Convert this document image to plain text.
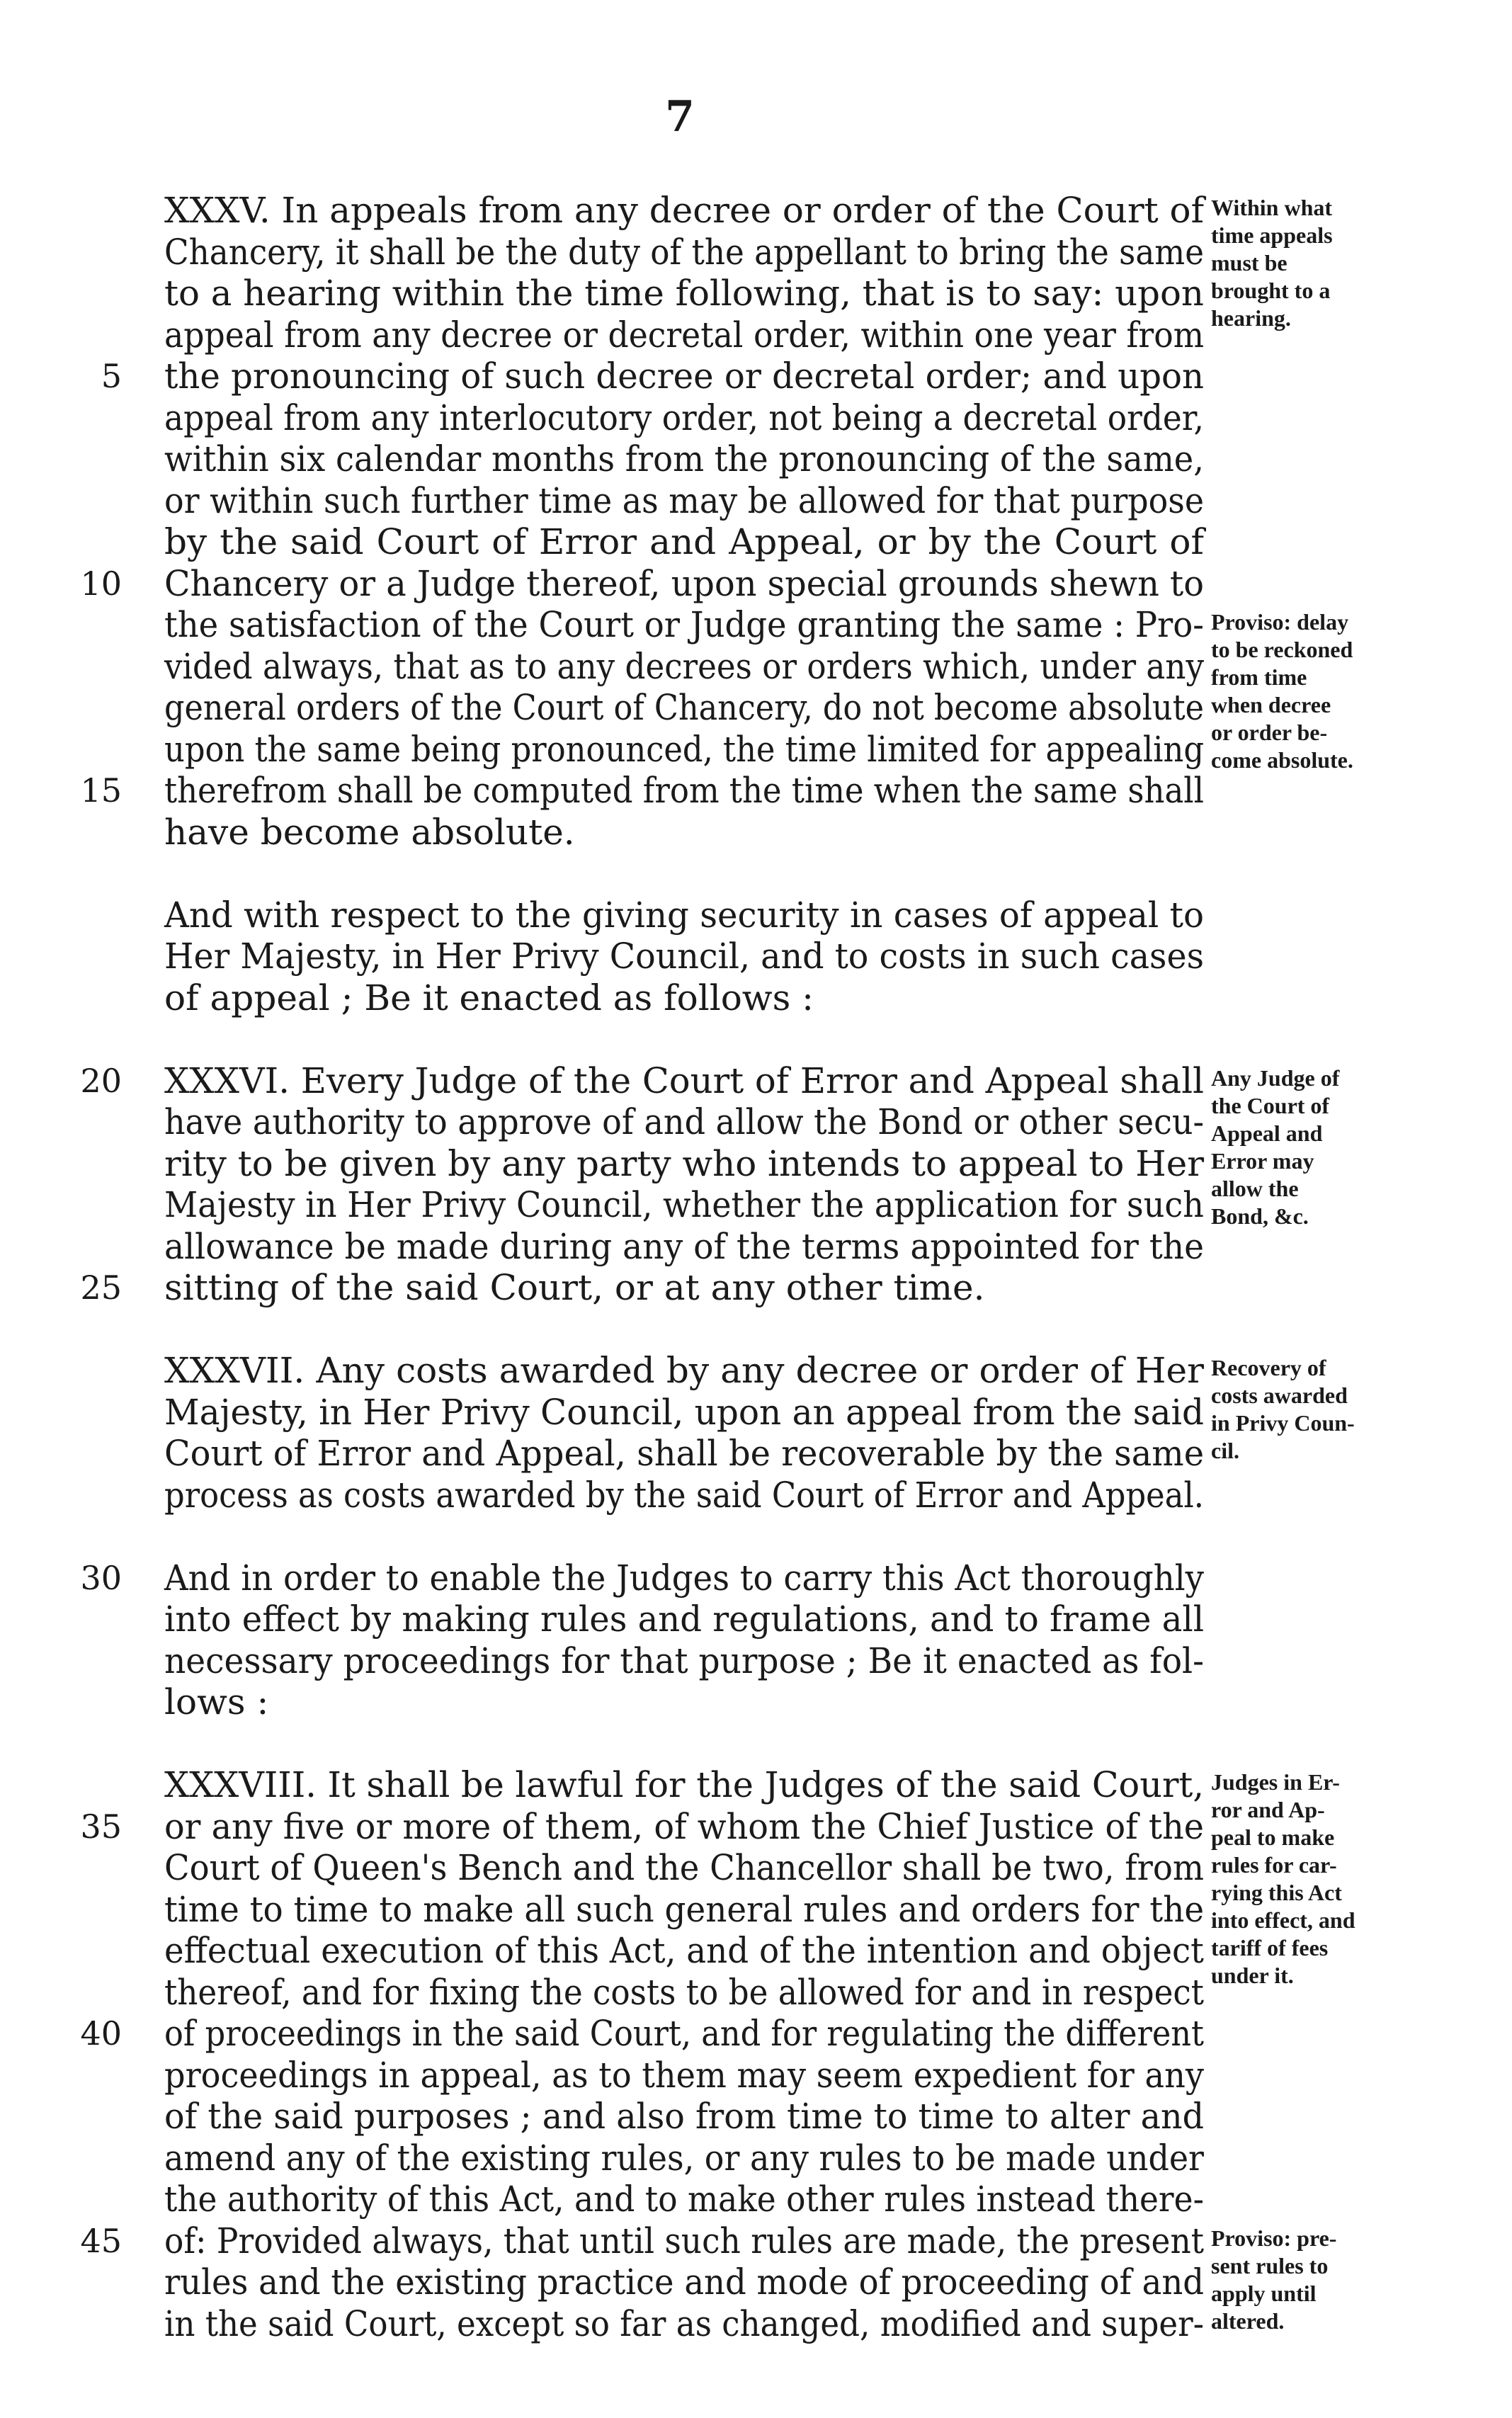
7
XXXV. In appeals from any decree or order of the Court of
Chancery, it shall be the duty of the appellant to bring the same
to a hearing within the time following, that is to say: upon
appeal from any decree or decretal order, within one year from
5 the pronouncing of such decree or decretal order; and upon
appeal from any interlocutory order, not being a decretal order,
within six calendar months from the pronouncing of the same,
or within such further time as may be allowed for that purpose
by the said Court of Error and Appeal, or by the Court of
10 Chancery or a Judge thereof, upon special grounds shewn to
the satisfaction of the Court or Judge granting the same : Pro-
vided always, that as to any decrees or orders which, under any
general orders of the Court of Chancery, do not become absolute
upon the same being pronounced, the time limited for appealing
15 therefrom shall be computed from the time when the same shall
have become absolute.
And with respect to the giving security in cases of appeal to
Her Majesty, in Her Privy Council, and to costs in such cases
of appeal ; Be it enacted as follows :
20 XXXVI. Every Judge of the Court of Error and Appeal shall
have authority to approve of and allow the Bond or other secu-
rity to be given by any party who intends to appeal to Her
Majesty in Her Privy Council, whether the application for such
allowance be made during any of the terms appointed for the
25 sitting of the said Court, or at any other time.
XXXVII. Any costs awarded by any decree or order of Her
Majesty, in Her Privy Council, upon an appeal from the said
Court of Error and Appeal, shall be recoverable by the same
process as costs awarded by the said Court of Error and Appeal.
30 And in order to enable the Judges to carry this Act thoroughly
into effect by making rules and regulations, and to frame all
necessary proceedings for that purpose ; Be it enacted as fol-
lows :
XXXVIII. It shall be lawful for the Judges of the said Court,
35 or any five or more of them, of whom the Chief Justice of the
Court of Queen's Bench and the Chancellor shall be two, from
time to time to make all such general rules and orders for the
effectual execution of this Act, and of the intention and object
thereof, and for fixing the costs to be allowed for and in respect
40 of proceedings in the said Court, and for regulating the different
proceedings in appeal, as to them may seem expedient for any
of the said purposes ; and also from time to time to alter and
amend any of the existing rules, or any rules to be made under
the authority of this Act, and to make other rules instead there-
45 of: Provided always, that until such rules are made, the present
rules and the existing practice and mode of proceeding of and
in the said Court, except so far as changed, modified and super-
Within what
time appeals
must be
brought to a
hearing.
Proviso: delay
to be reckoned
from time
when decree
or order be-
come absolute.
Any Judge of
the Court of
Appeal and
Error may
allow the
Bond, &c.
Recovery of
costs awarded
in Privy Coun-
cil.
Judges in Er-
ror and Ap-
peal to make
rules for car-
rying this Act
into effect, and
tariff of fees
under it.
Proviso: pre-
sent rules to
apply until
altered.
